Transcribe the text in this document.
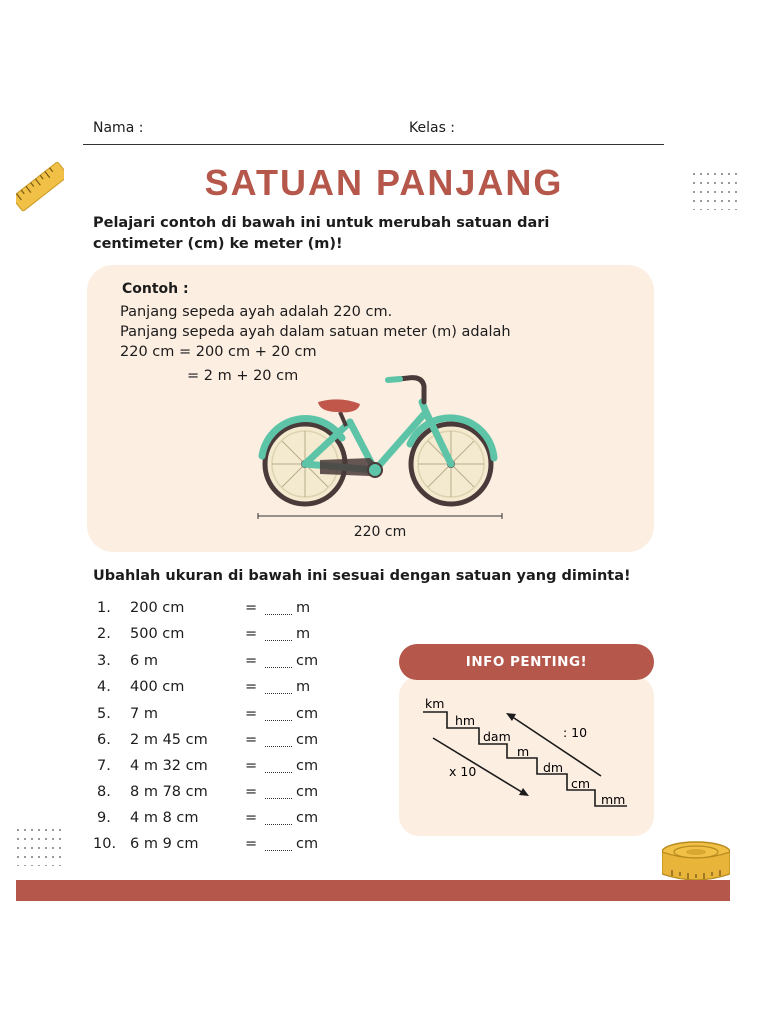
Nama :	Kelas :
SATUAN PANJANG
Pelajari contoh di bawah ini untuk merubah satuan dari centimeter (cm) ke meter (m)!
Contoh :
Panjang sepeda ayah adalah 220 cm.
Panjang sepeda ayah dalam satuan meter (m) adalah
220 cm = 200 cm + 20 cm
= 2 m + 20 cm
220 cm
Ubahlah ukuran di bawah ini sesuai dengan satuan yang diminta!
1. 200 cm	=	m
2. 500 cm	=	m
3. 6 m	=	cm
4. 400 cm	=	m
5. 7 m	=	cm
6. 2 m 45 cm	=	cm
7. 4 m 32 cm	=	cm
8. 8 m 78 cm	=	cm
9. 4 m 8 cm	=	cm
10. 6 m 9 cm	=	cm
INFO PENTING!
km
hm
dam
m
dm
cm
mm
x 10
: 10
